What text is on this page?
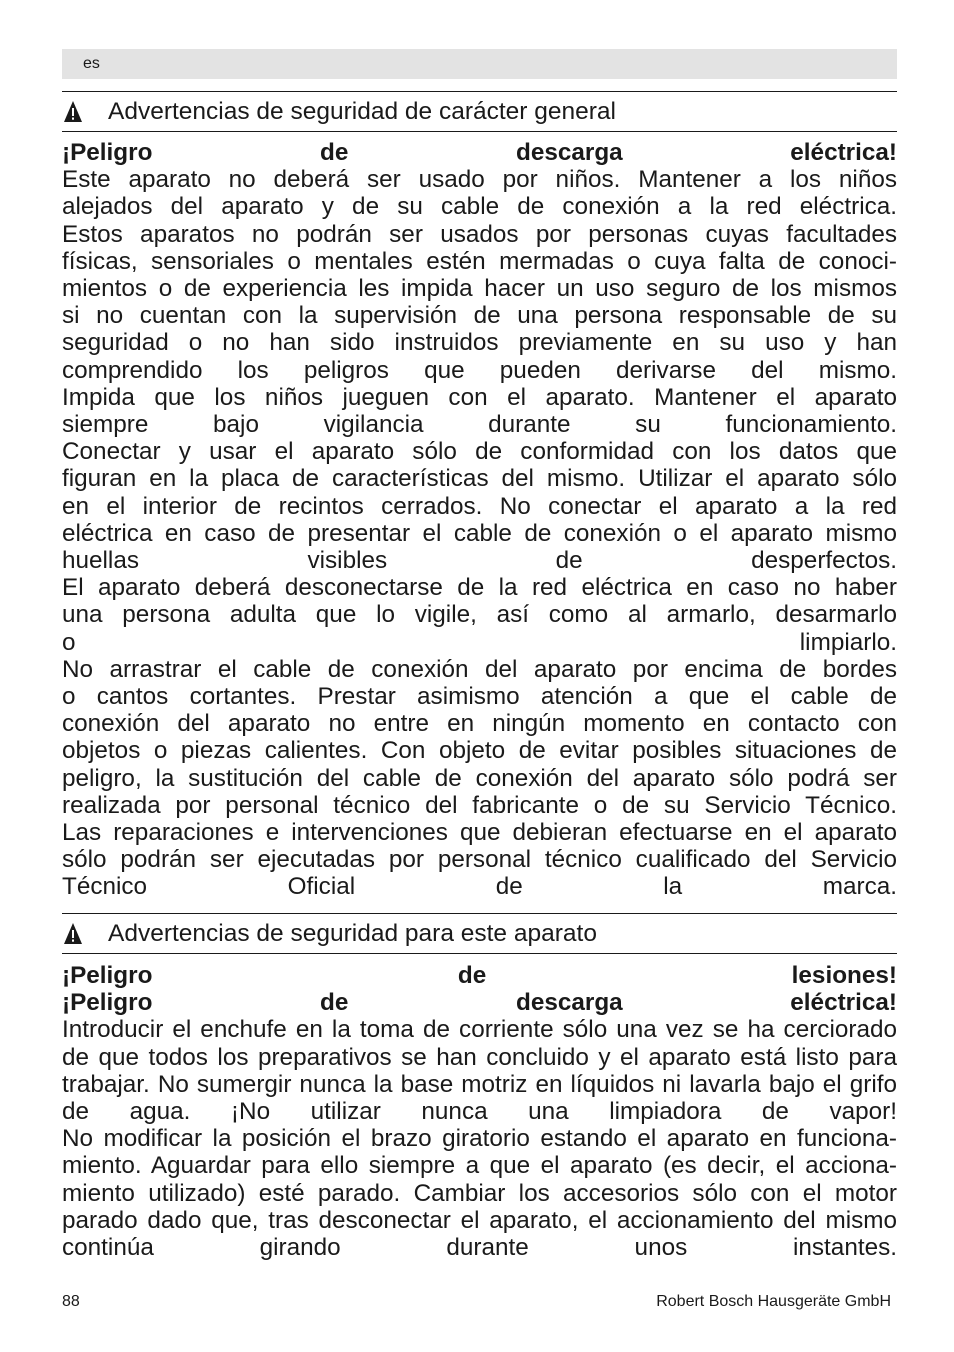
es
Advertencias de seguridad de carácter general

¡Peligro de descarga eléctrica!

Este aparato no deberá ser usado por niños. Mantener a los niños
alejados del aparato y de su cable de conexión a la red eléctrica.

Estos aparatos no podrán ser usados por personas cuyas facultades
físicas, sensoriales o mentales estén mermadas o cuya falta de conoci-
mientos o de experiencia les impida hacer un uso seguro de los mismos
si no cuentan con la supervisión de una persona responsable de su
seguridad o no han sido instruidos previamente en su uso y han
comprendido los peligros que pueden derivarse del mismo.

Impida que los niños jueguen con el aparato. Mantener el aparato
siempre bajo vigilancia durante su funcionamiento.

Conectar y usar el aparato sólo de conformidad con los datos que
figuran en la placa de características del mismo. Utilizar el aparato sólo
en el interior de recintos cerrados. No conectar el aparato a la red
eléctrica en caso de presentar el cable de conexión o el aparato mismo
huellas visibles de desperfectos.

El aparato deberá desconectarse de la red eléctrica en caso no haber
una persona adulta que lo vigile, así como al armarlo, desarmarlo
o limpiarlo.

No arrastrar el cable de conexión del aparato por encima de bordes
o cantos cortantes. Prestar asimismo atención a que el cable de
conexión del aparato no entre en ningún momento en contacto con
objetos o piezas calientes. Con objeto de evitar posibles situaciones de
peligro, la sustitución del cable de conexión del aparato sólo podrá ser
realizada por personal técnico del fabricante o de su Servicio Técnico.

Las reparaciones e intervenciones que debieran efectuarse en el aparato
sólo podrán ser ejecutadas por personal técnico cualificado del Servicio
Técnico Oficial de la marca.

Advertencias de seguridad para este aparato

¡Peligro de lesiones!

¡Peligro de descarga eléctrica!

Introducir el enchufe en la toma de corriente sólo una vez se ha cerciorado
de que todos los preparativos se han concluido y el aparato está listo para
trabajar. No sumergir nunca la base motriz en líquidos ni lavarla bajo el grifo
de agua. ¡No utilizar nunca una limpiadora de vapor!

No modificar la posición el brazo giratorio estando el aparato en funciona-
miento. Aguardar para ello siempre a que el aparato (es decir, el acciona-
miento utilizado) esté parado. Cambiar los accesorios sólo con el motor
parado dado que, tras desconectar el aparato, el accionamiento del mismo
continúa girando durante unos instantes.

88	Robert Bosch Hausgeräte GmbH
